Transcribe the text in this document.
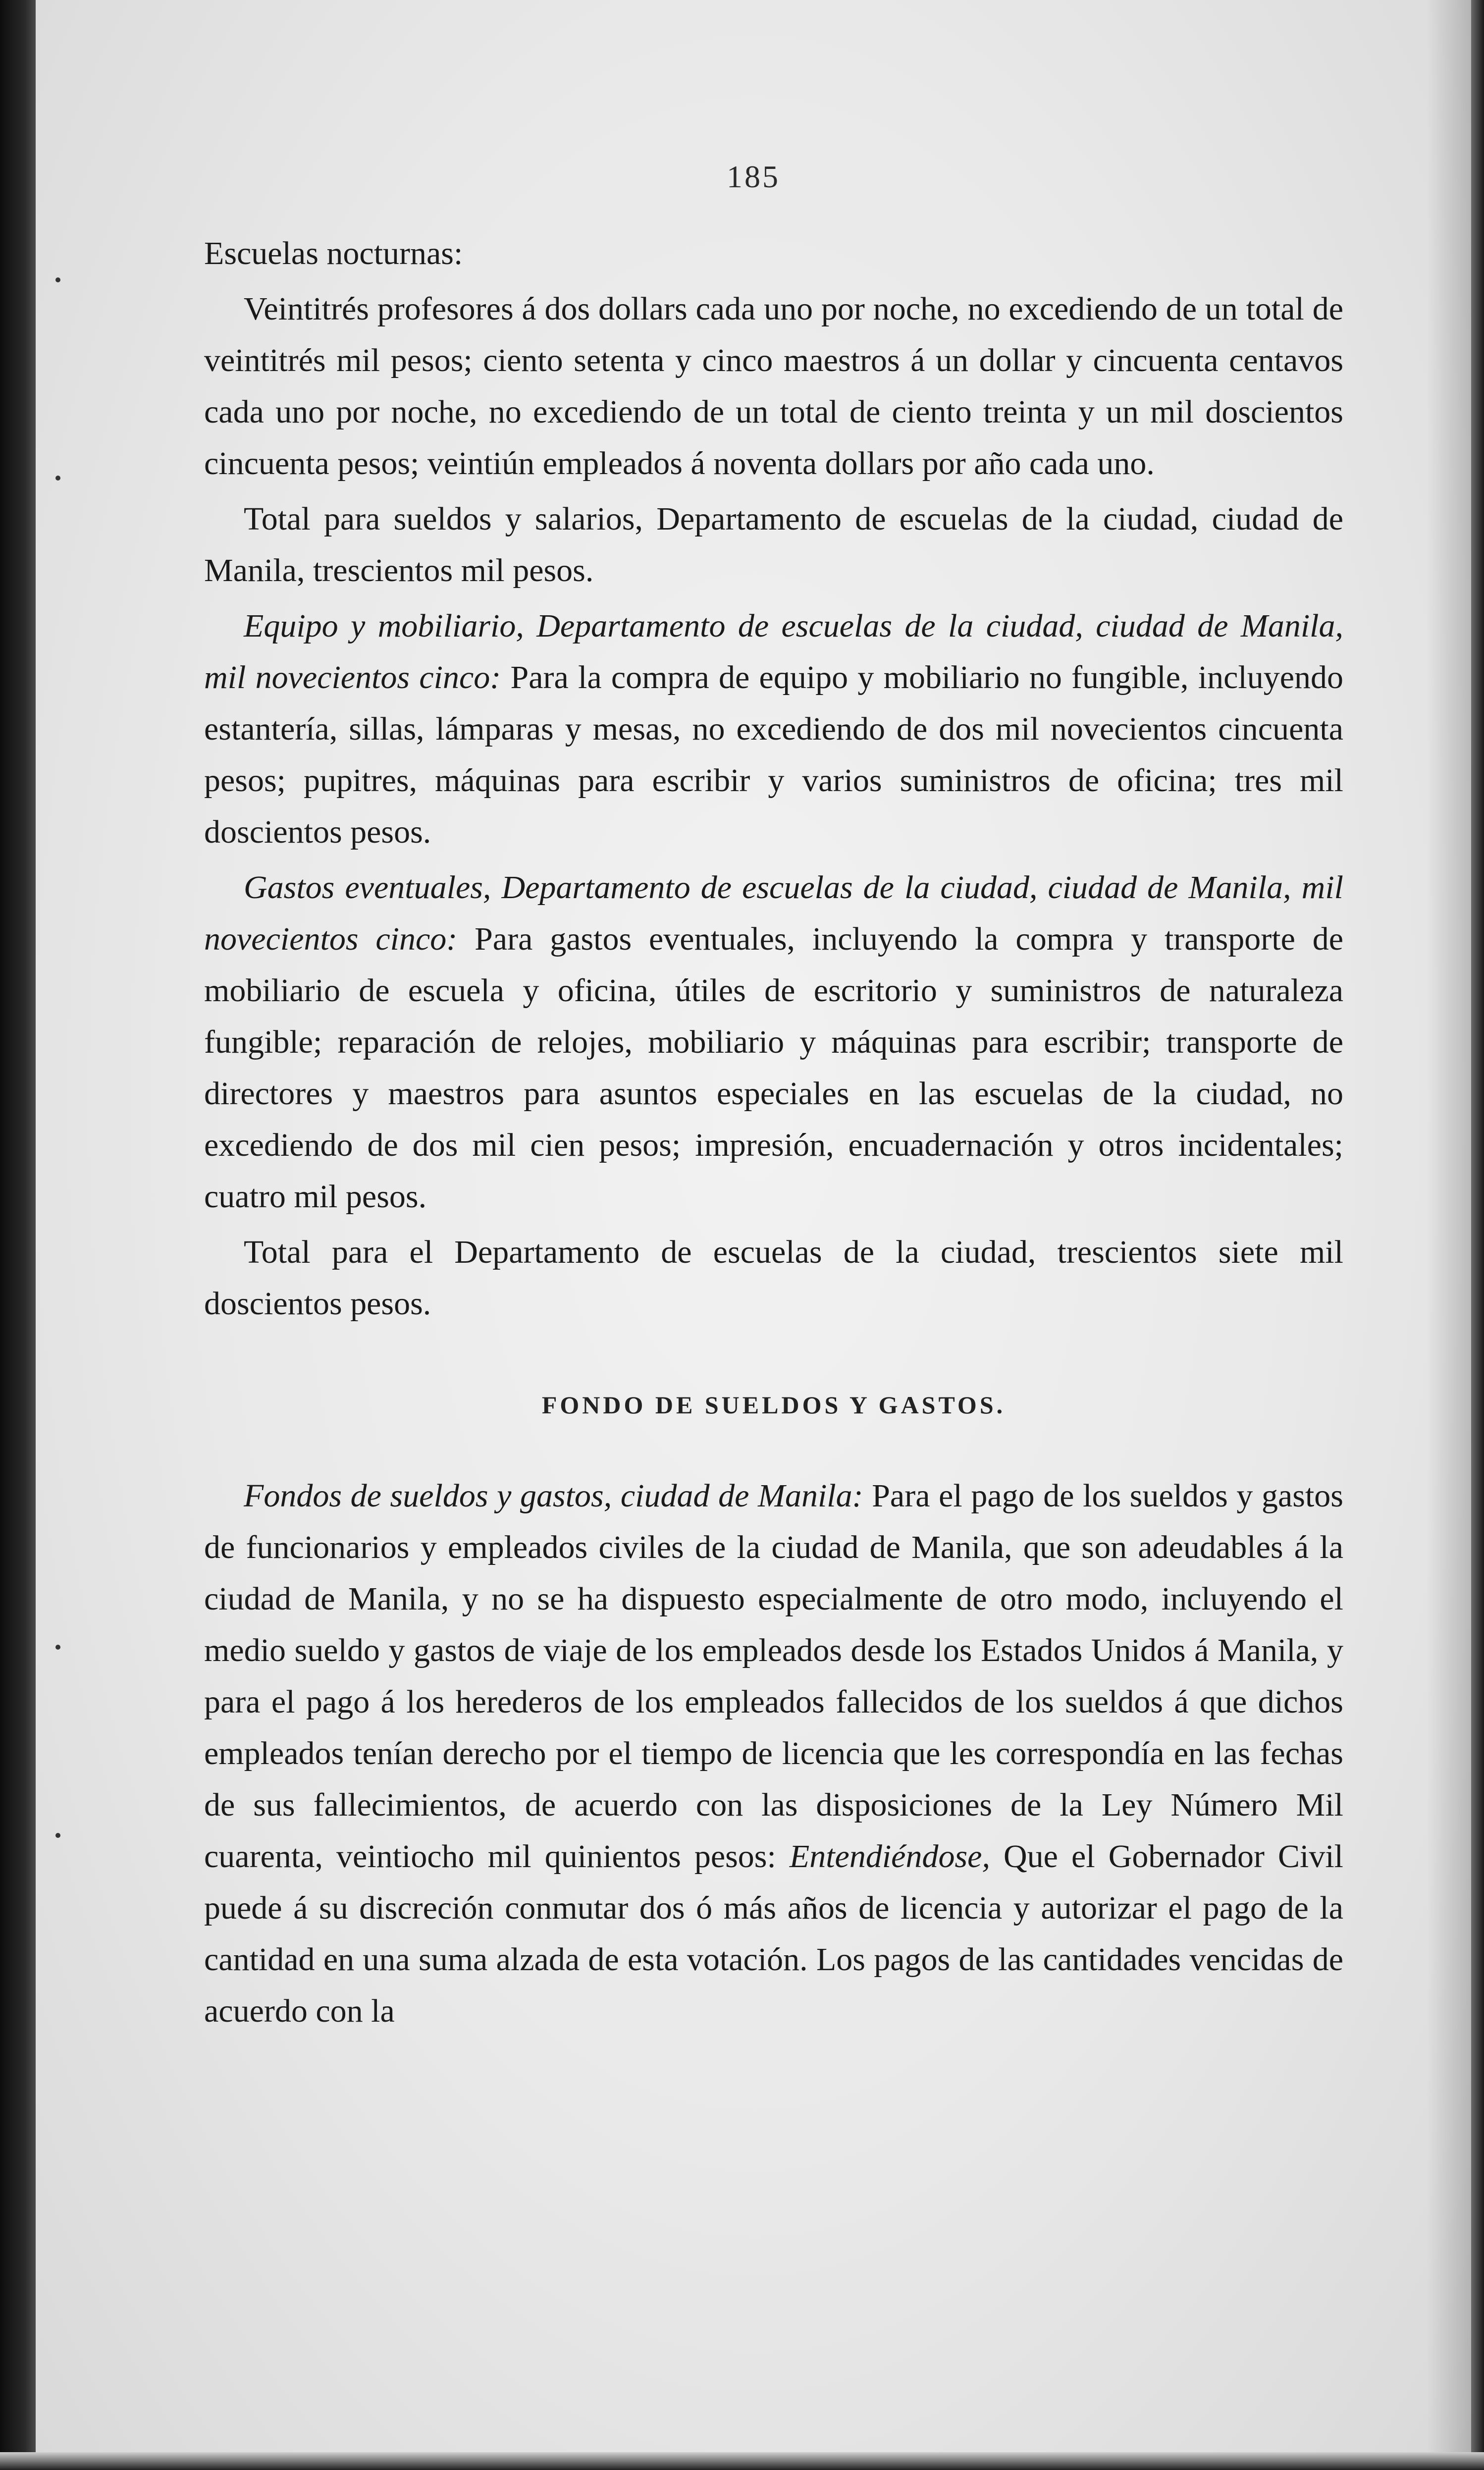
185

Escuelas nocturnas:

Veintitrés profesores á dos dollars cada uno por noche, no excediendo de un total de veintitrés mil pesos; ciento setenta y cinco maestros á un dollar y cincuenta centavos cada uno por noche, no excediendo de un total de ciento treinta y un mil doscientos cincuenta pesos; veintiún empleados á noventa dollars por año cada uno.

Total para sueldos y salarios, Departamento de escuelas de la ciudad, ciudad de Manila, trescientos mil pesos.

Equipo y mobiliario, Departamento de escuelas de la ciudad, ciudad de Manila, mil novecientos cinco: Para la compra de equipo y mobiliario no fungible, incluyendo estantería, sillas, lámparas y mesas, no excediendo de dos mil novecientos cincuenta pesos; pupitres, máquinas para escribir y varios suministros de oficina; tres mil doscientos pesos.

Gastos eventuales, Departamento de escuelas de la ciudad, ciudad de Manila, mil novecientos cinco: Para gastos eventuales, incluyendo la compra y transporte de mobiliario de escuela y oficina, útiles de escritorio y suministros de naturaleza fungible; reparación de relojes, mobiliario y máquinas para escribir; transporte de directores y maestros para asuntos especiales en las escuelas de la ciudad, no excediendo de dos mil cien pesos; impresión, encuadernación y otros incidentales; cuatro mil pesos.

Total para el Departamento de escuelas de la ciudad, trescientos siete mil doscientos pesos.

FONDO DE SUELDOS Y GASTOS.

Fondos de sueldos y gastos, ciudad de Manila: Para el pago de los sueldos y gastos de funcionarios y empleados civiles de la ciudad de Manila, que son adeudables á la ciudad de Manila, y no se ha dispuesto especialmente de otro modo, incluyendo el medio sueldo y gastos de viaje de los empleados desde los Estados Unidos á Manila, y para el pago á los herederos de los empleados fallecidos de los sueldos á que dichos empleados tenían derecho por el tiempo de licencia que les correspondía en las fechas de sus fallecimientos, de acuerdo con las disposiciones de la Ley Número Mil cuarenta, veintiocho mil quinientos pesos: Entendiéndose, Que el Gobernador Civil puede á su discreción conmutar dos ó más años de licencia y autorizar el pago de la cantidad en una suma alzada de esta votación. Los pagos de las cantidades vencidas de acuerdo con la
